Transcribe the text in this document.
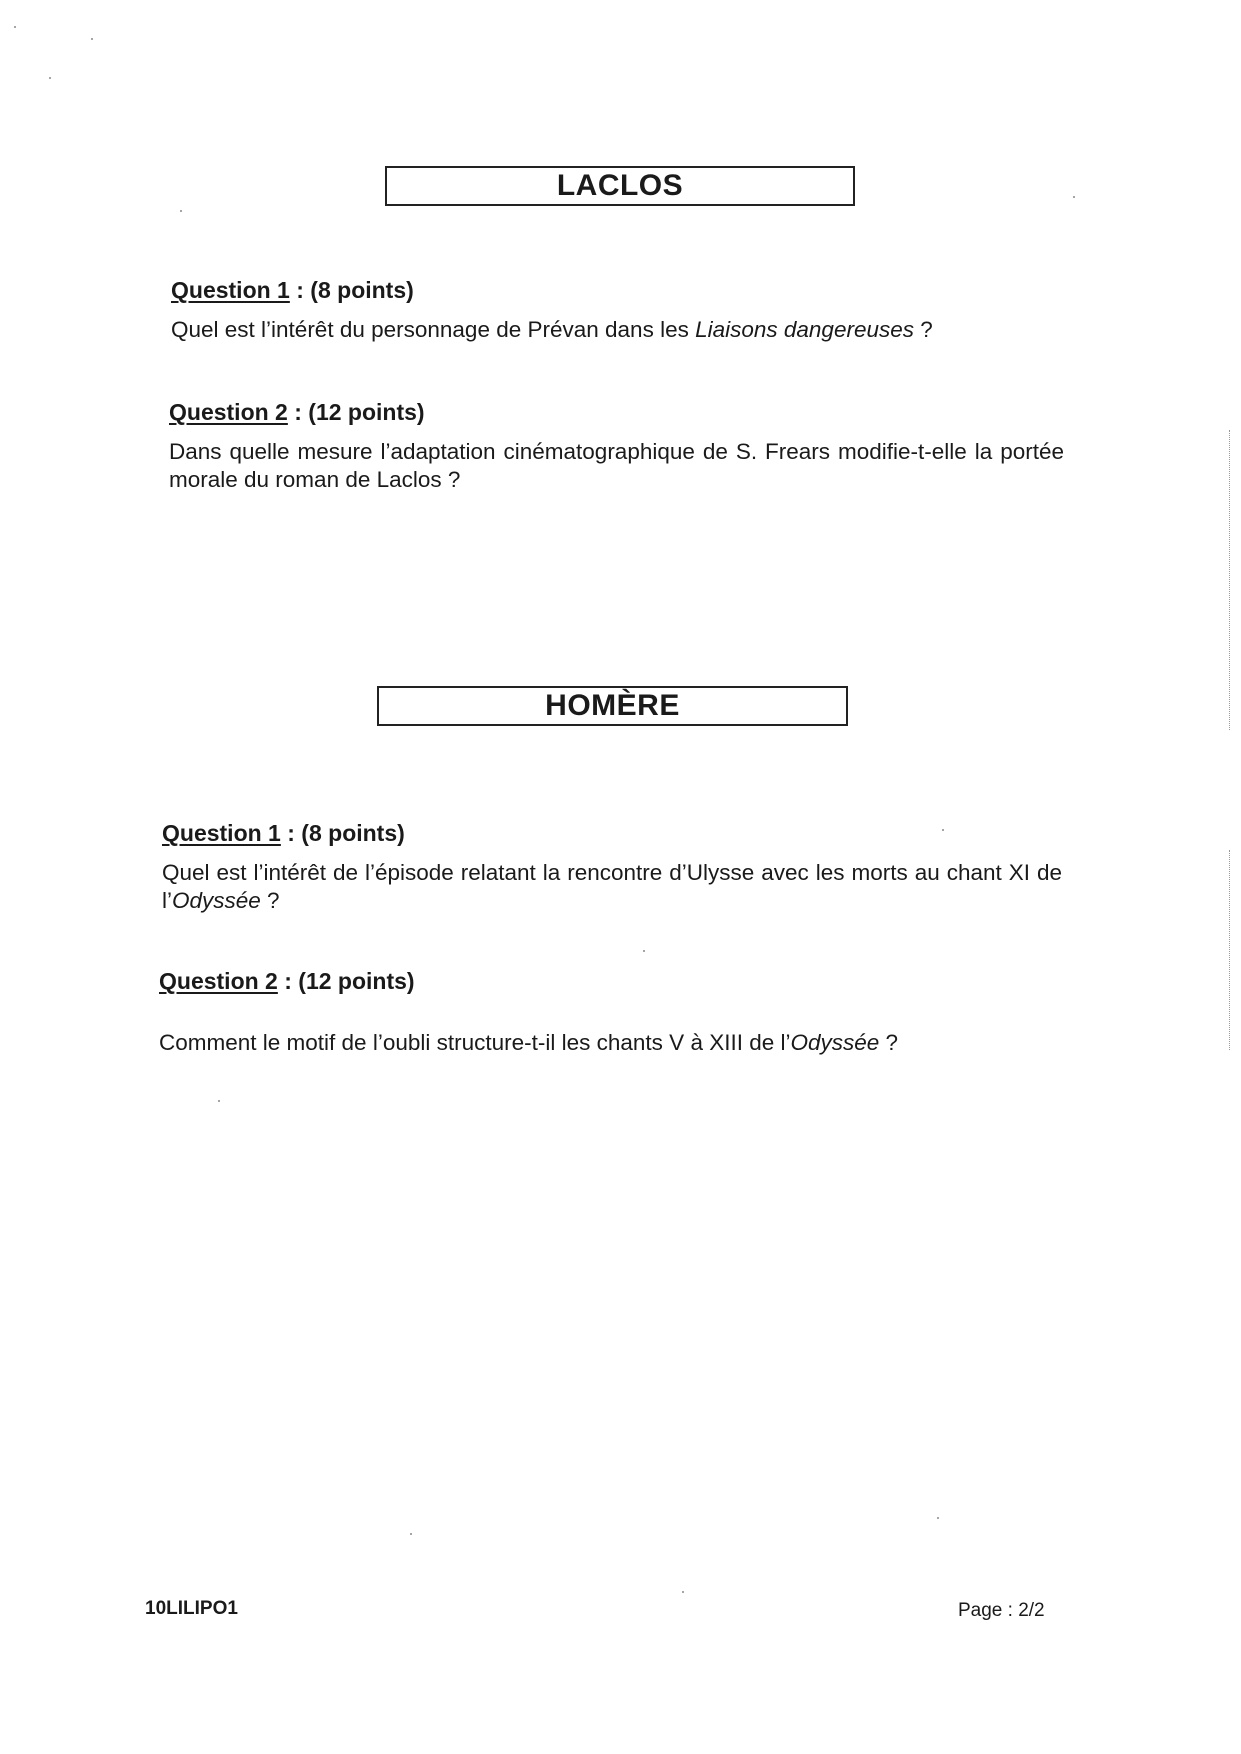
LACLOS

Question 1 : (8 points)

Quel est l’intérêt du personnage de Prévan dans les Liaisons dangereuses ?

Question 2 : (12 points)

Dans quelle mesure l’adaptation cinématographique de S. Frears modifie-t-elle la portée morale du roman de Laclos ?

HOMÈRE

Question 1 : (8 points)

Quel est l’intérêt de l’épisode relatant la rencontre d’Ulysse avec les morts au chant XI de l’Odyssée ?

Question 2 : (12 points)

Comment le motif de l’oubli structure-t-il les chants V à XIII de l’Odyssée ?

10LILIPO1	Page : 2/2
